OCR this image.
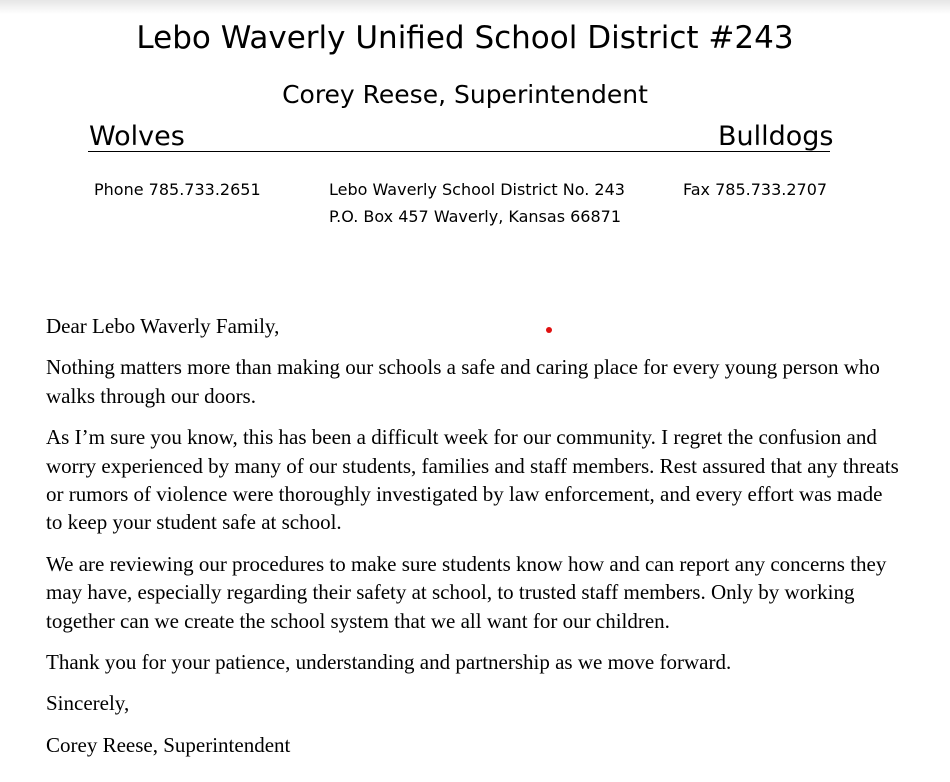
Lebo Waverly Unified School District #243
Corey Reese, Superintendent
Wolves	Bulldogs
Phone 785.733.2651	Lebo Waverly School District No. 243
P.O. Box 457 Waverly, Kansas 66871
Fax 785.733.2707

Dear Lebo Waverly Family,

Nothing matters more than making our schools a safe and caring place for every young person who walks through our doors.

As I’m sure you know, this has been a difficult week for our community. I regret the confusion and worry experienced by many of our students, families and staff members. Rest assured that any threats or rumors of violence were thoroughly investigated by law enforcement, and every effort was made to keep your student safe at school.

We are reviewing our procedures to make sure students know how and can report any concerns they may have, especially regarding their safety at school, to trusted staff members. Only by working together can we create the school system that we all want for our children.

Thank you for your patience, understanding and partnership as we move forward.

Sincerely,

Corey Reese, Superintendent
